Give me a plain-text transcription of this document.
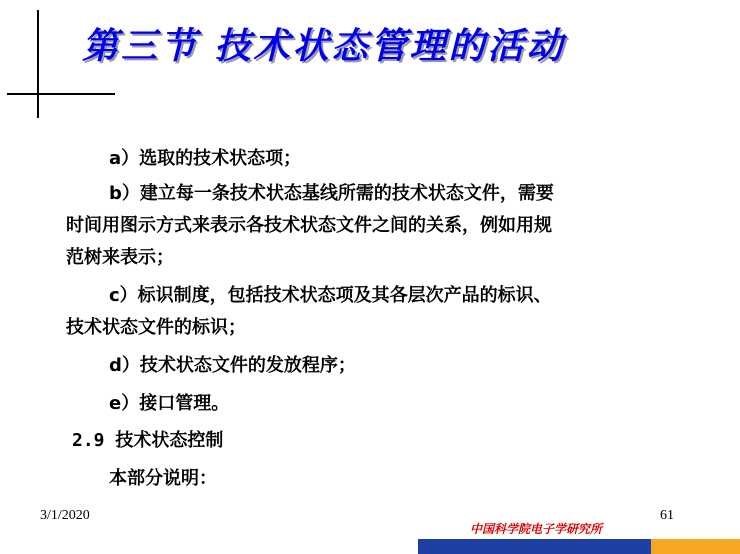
第三节 技术状态管理的活动
a）选取的技术状态项；
b）建立每一条技术状态基线所需的技术状态文件，需要
时间用图示方式来表示各技术状态文件之间的关系，例如用规
范树来表示；
c）标识制度，包括技术状态项及其各层次产品的标识、
技术状态文件的标识；
d）技术状态文件的发放程序；
e）接口管理。
2.9 技术状态控制
本部分说明：
3/1/2020	61
中国科学院电子学研究所
